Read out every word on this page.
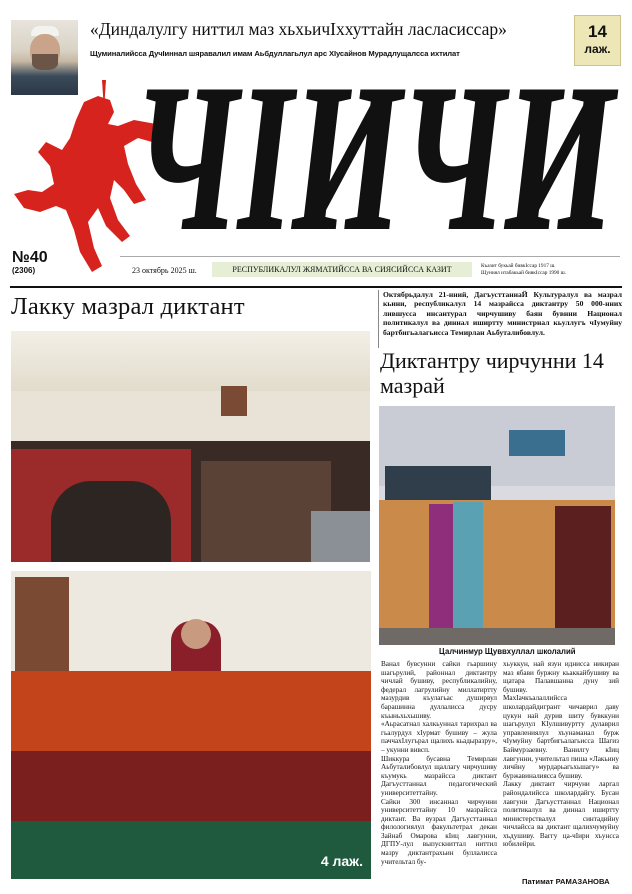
«Диндалулгу ниттил маз хьхьичӀххуттайн ласласиссар»
Щуминалийсса ДучӀиннал шяравалил имам Аьбдуллагьлул арс ХӀусайнов Мурадлущалсса ихтилат
14
лаж.
ЧӀИЧИ
№40
(2306)	23 октябрь 2025 ш.	РЕСПУБЛИКАЛУЛ ЖЯМАТИЙССА ВА СИЯСИЙССА КАЗИТ	Къазит букьай бивкIссар 1917 ш.
Щуниял итабакьай бивкIссар 1990 ш.
Лакку мазрал диктант
4 лаж.
Октябрьдалул 21-нний, ДагъусттаннаЙ Культуралул ва мазрал кьини, республикалул 14 мазрайсса диктантру 50 000-нних лившусса инсантурал чирчушиву баян бувнни Национал политикалул ва диннал иширтту министрнал кьуллугъ чIумуйну бартбигьалагьисса Темирлан Аьбуталибовлул.
Диктантру чирчунни 14 мазрай
Цалчинмур Щуввхуллал школалий
Ванал бувсунни сайки гьаршину шагьрулий, районнал диктантру чичлай бушиву, республикалийну, федерал лагрулийну миллатиртту мазурдив къулагьас душирвул барашинна дуллалисса дусру къыньхьхьшиву.
«Аьрасатнал халкьуннал тарихрал ва гьалурдул хIурмат бушиву – жула паччахIлугърал щалихъ кьадыразру», – укунни вивсп.
Шиккура бусавна Темирлан Аьбуталибовлул щаллагу чирчушиву къумукь мазрайсса диктант Дагъусттаннал педагогический университеттайну.
Сайки 300 инсаннал чирчунни университеттайну 10 мазрайсса диктант. Ва вузрал Дагъусттаннал филологиялул факультетрал декан Зайнаб Омарова кIиц лавгунни, ДГПУ-лул выпускниттал ниттил мазру диктантрахьин буллалисса учительтал бу-
хьуккун, най язун иднисса никиран маз ябави буржну кьаккайбушиву ва щатара Палавшанна дуну зий бушиву.
МахIачкъалаллийсса школардайдигрант чичаврил даву цукун най дурив шиту бувккуни шагьрулул КIулшивуртту дулаврил управлениялул хъунаманал бурж чIумуйну бартбигьалагьисса Шагиз Баймурзаевну. Ванилгу кIиц лавгунни, учительтал пиша «Лакьину личйну мурдарьагьхьшагу» ва буржавиналиясса бушиву.
Лакку диктант чирчуни ларгал райондалийсса школардайгу. Бусан лавгуни Дагъусттаннал Национал политикалул ва диннал иширтту министерствалул синтадийну чичлайсса ва диктант щалихчумуйну хъдушиву. Ваггу ца-чIири хъунсса юбилейри.
Патимат РАМАЗАНОВА
